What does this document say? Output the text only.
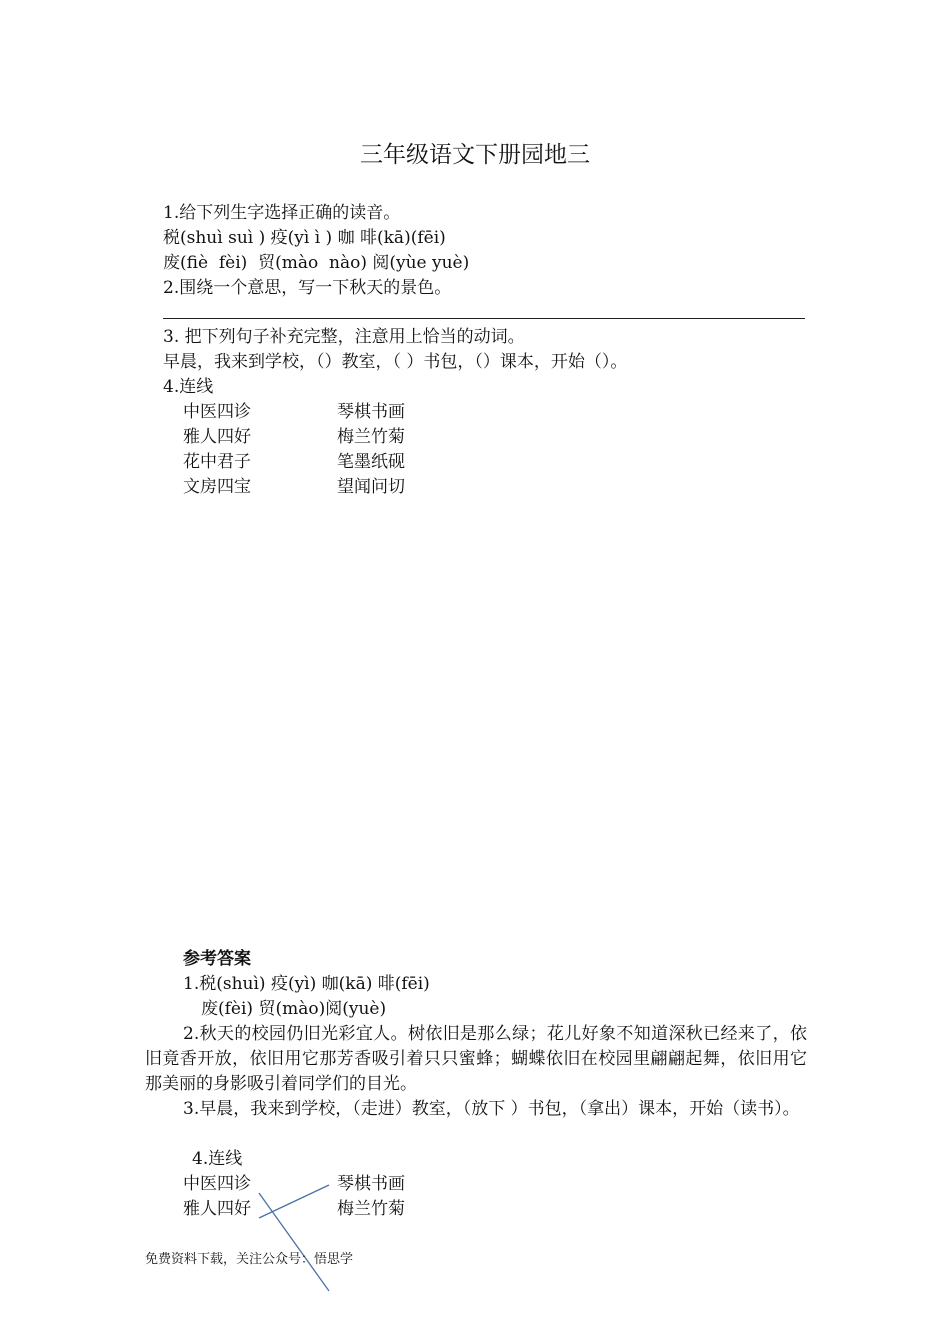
三年级语文下册园地三
1.给下列生字选择正确的读音。
税(shuì suì ) 疫(yì ì ) 咖 啡(kā)(fēi)
废(fiè  fèi)  贸(mào  nào) 阅(yùe yuè)
2.围绕一个意思，写一下秋天的景色。
3. 把下列句子补充完整，注意用上恰当的动词。
早晨，我来到学校，（）教室，（ ）书包，（）课本，开始（）。
4.连线
中医四诊	琴棋书画
雅人四好	梅兰竹菊
花中君子	笔墨纸砚
文房四宝	望闻问切
参考答案
1.税(shuì) 疫(yì) 咖(kā) 啡(fēi)
废(fèi) 贸(mào)阅(yuè)
2.秋天的校园仍旧光彩宜人。树依旧是那么绿；花儿好象不知道深秋已经来了，依旧竟香开放，依旧用它那芳香吸引着只只蜜蜂；蝴蝶依旧在校园里翩翩起舞，依旧用它那美丽的身影吸引着同学们的目光。
3.早晨，我来到学校，（走进）教室，（放下 ）书包，（拿出）课本，开始（读书）。
4.连线
中医四诊	琴棋书画
雅人四好	梅兰竹菊
免费资料下载，关注公众号：悟思学
